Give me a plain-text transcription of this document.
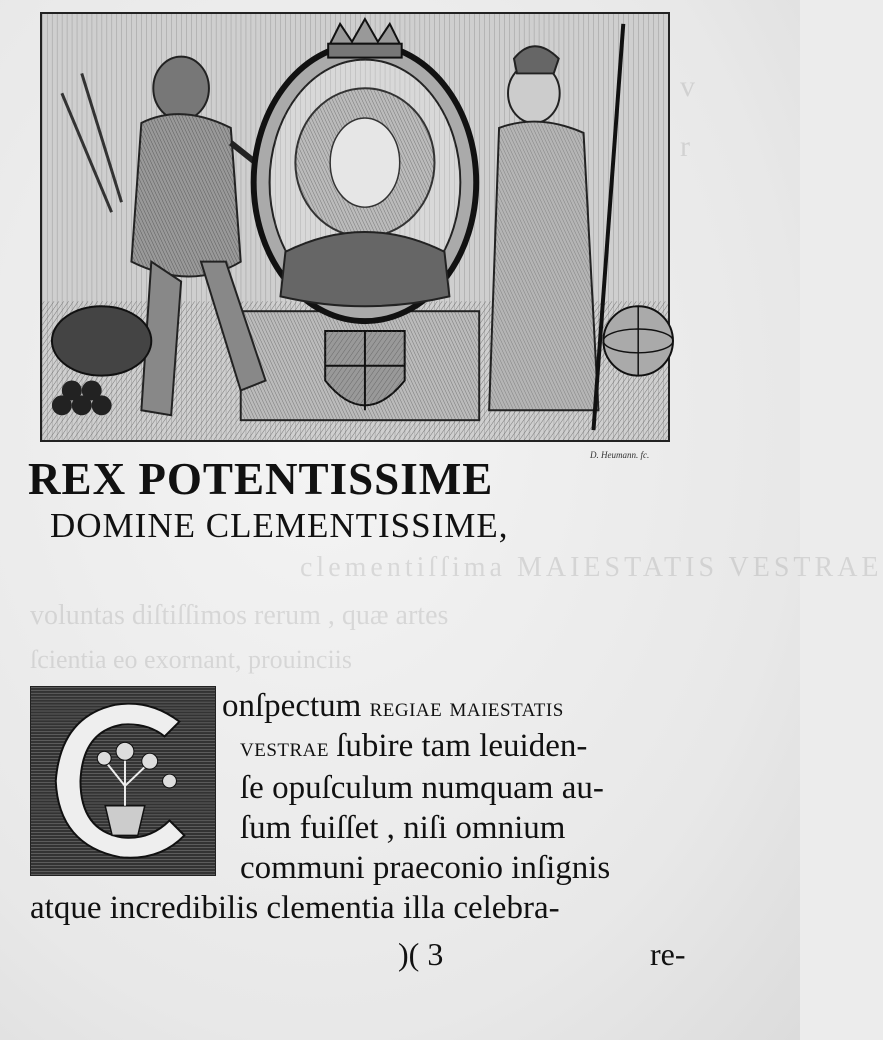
v
r
clementiſſima MAIESTATIS VESTRAE
voluntas diſtiſſimos rerum , quæ artes
ſcientia eo exornant, prouinciis
D. Heumann. fc.
REX POTENTISSIME
DOMINE CLEMENTISSIME,
onſpectum regiae maiestatis
vestrae ſubire tam leuiden-
ſe opuſculum numquam au-
ſum fuiſſet , niſi omnium
communi praeconio inſignis
atque incredibilis clementia illa celebra-
)( 3	re-
